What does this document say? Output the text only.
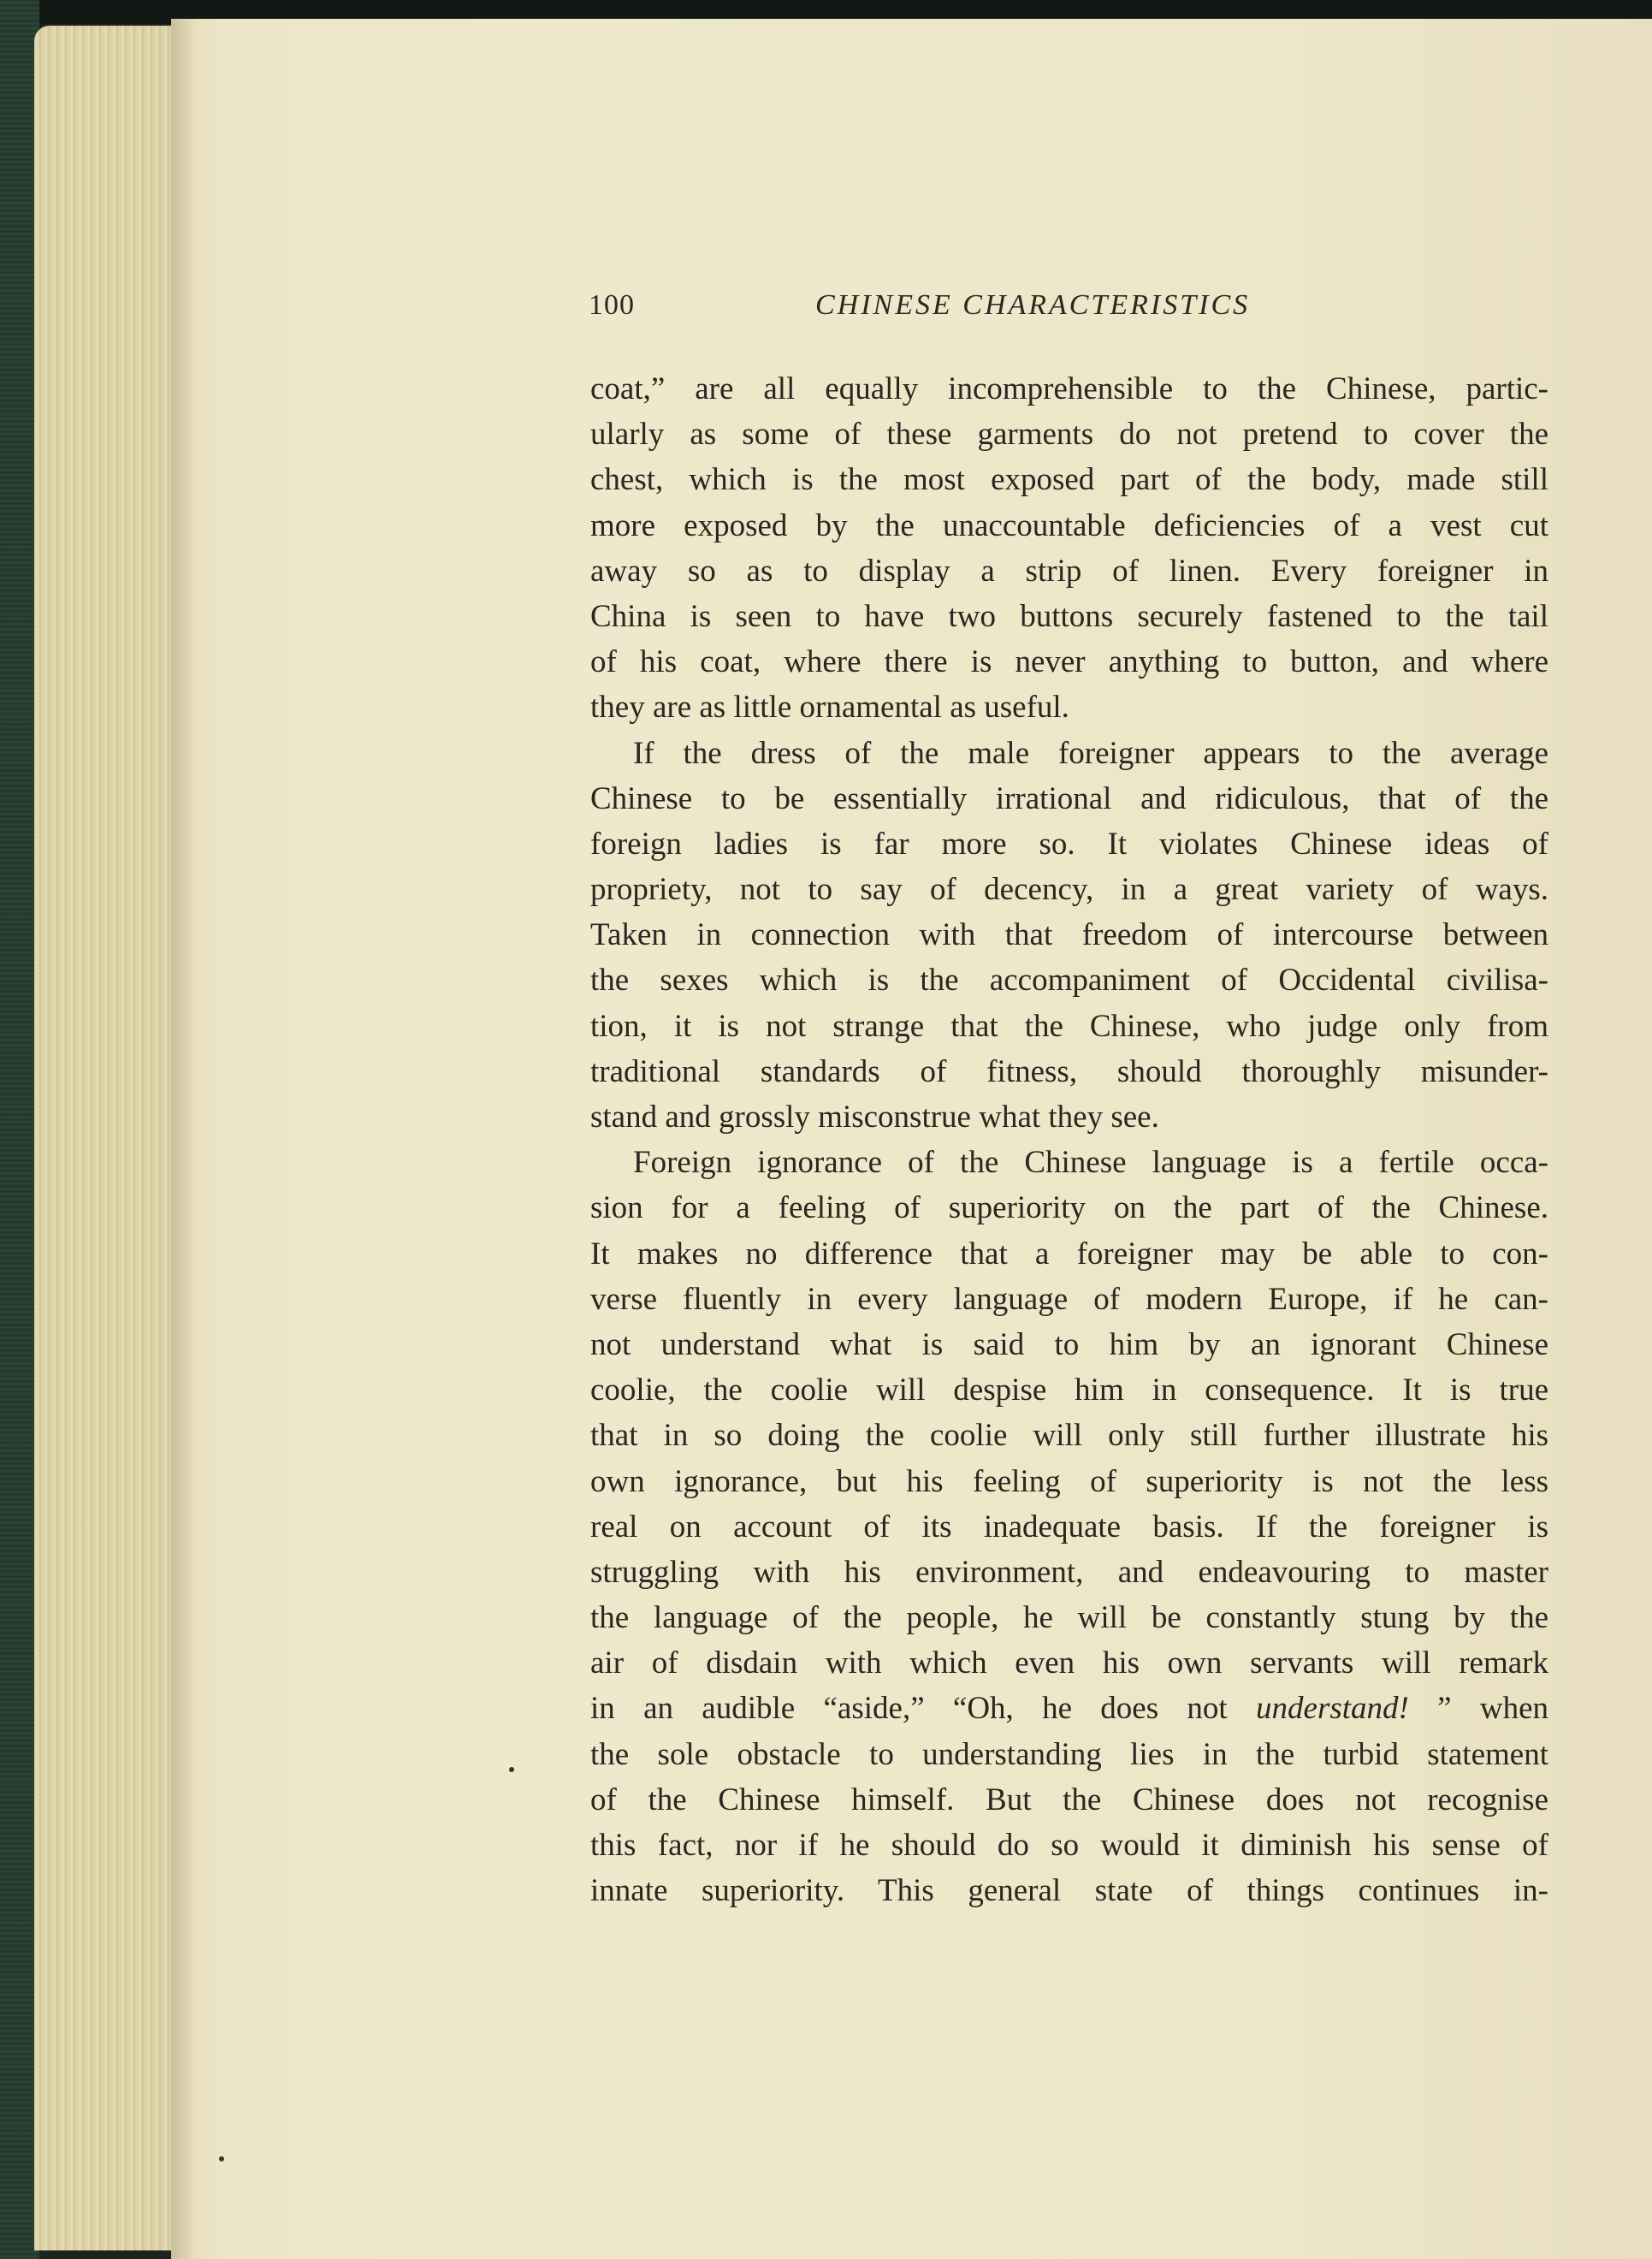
100	CHINESE CHARACTERISTICS
coat,” are all equally incomprehensible to the Chinese, partic-
ularly as some of these garments do not pretend to cover the
chest, which is the most exposed part of the body, made still
more exposed by the unaccountable deficiencies of a vest cut
away so as to display a strip of linen. Every foreigner in
China is seen to have two buttons securely fastened to the tail
of his coat, where there is never anything to button, and where
they are as little ornamental as useful.
If the dress of the male foreigner appears to the average
Chinese to be essentially irrational and ridiculous, that of the
foreign ladies is far more so. It violates Chinese ideas of
propriety, not to say of decency, in a great variety of ways.
Taken in connection with that freedom of intercourse between
the sexes which is the accompaniment of Occidental civilisa-
tion, it is not strange that the Chinese, who judge only from
traditional standards of fitness, should thoroughly misunder-
stand and grossly misconstrue what they see.
Foreign ignorance of the Chinese language is a fertile occa-
sion for a feeling of superiority on the part of the Chinese.
It makes no difference that a foreigner may be able to con-
verse fluently in every language of modern Europe, if he can-
not understand what is said to him by an ignorant Chinese
coolie, the coolie will despise him in consequence. It is true
that in so doing the coolie will only still further illustrate his
own ignorance, but his feeling of superiority is not the less
real on account of its inadequate basis. If the foreigner is
struggling with his environment, and endeavouring to master
the language of the people, he will be constantly stung by the
air of disdain with which even his own servants will remark
in an audible “aside,” “Oh, he does not understand! ” when
the sole obstacle to understanding lies in the turbid statement
of the Chinese himself. But the Chinese does not recognise
this fact, nor if he should do so would it diminish his sense of
innate superiority. This general state of things continues in-
